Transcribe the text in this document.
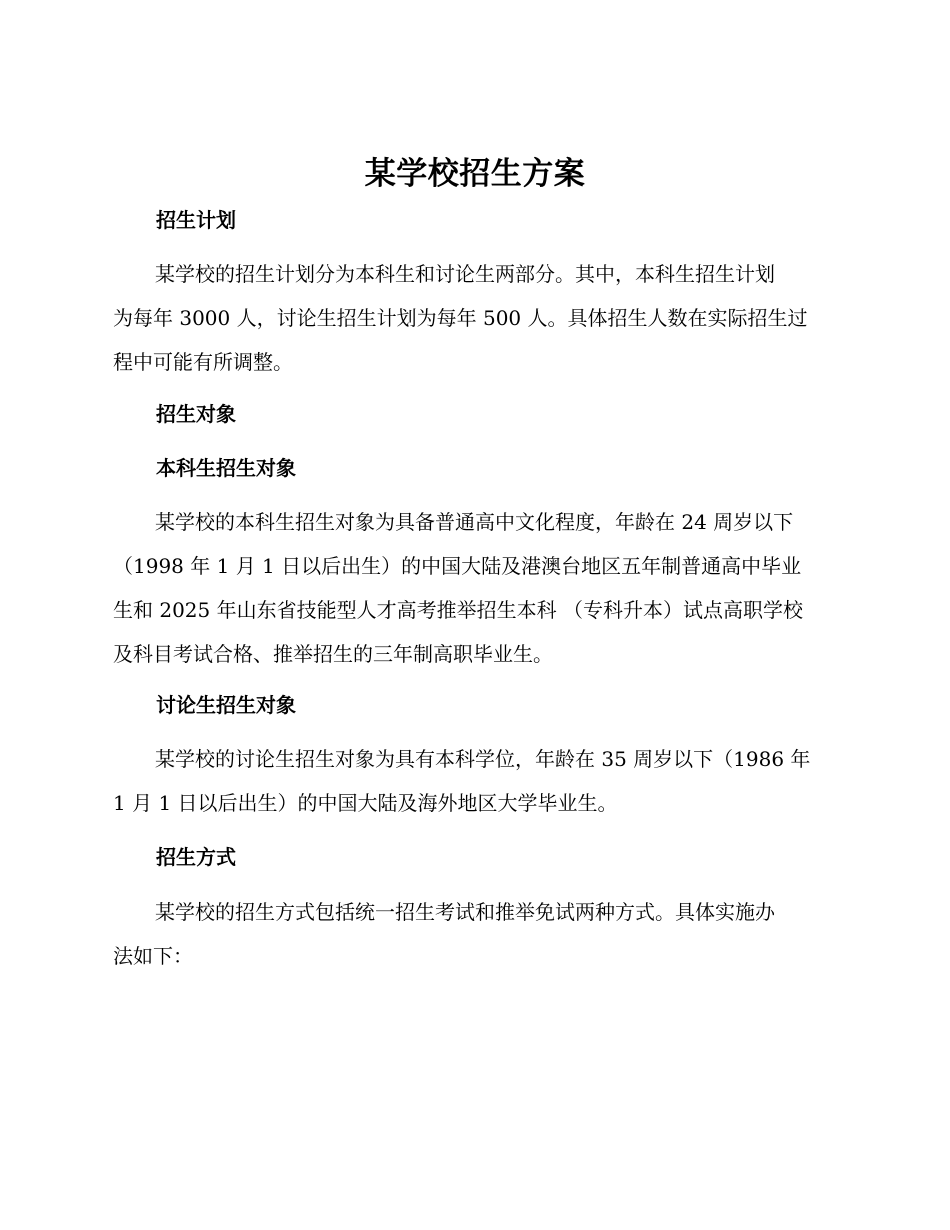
某学校招生方案
招生计划
某学校的招生计划分为本科生和讨论生两部分。其中，本科生招生计划
为每年 3000 人，讨论生招生计划为每年 500 人。具体招生人数在实际招生过
程中可能有所调整。
招生对象
本科生招生对象
某学校的本科生招生对象为具备普通高中文化程度，年龄在 24 周岁以下
（1998 年 1 月 1 日以后出生）的中国大陆及港澳台地区五年制普通高中毕业
生和 2025 年山东省技能型人才高考推举招生本科 （专科升本）试点高职学校
及科目考试合格、推举招生的三年制高职毕业生。
讨论生招生对象
某学校的讨论生招生对象为具有本科学位，年龄在 35 周岁以下（1986 年
1 月 1 日以后出生）的中国大陆及海外地区大学毕业生。
招生方式
某学校的招生方式包括统一招生考试和推举免试两种方式。具体实施办
法如下：
